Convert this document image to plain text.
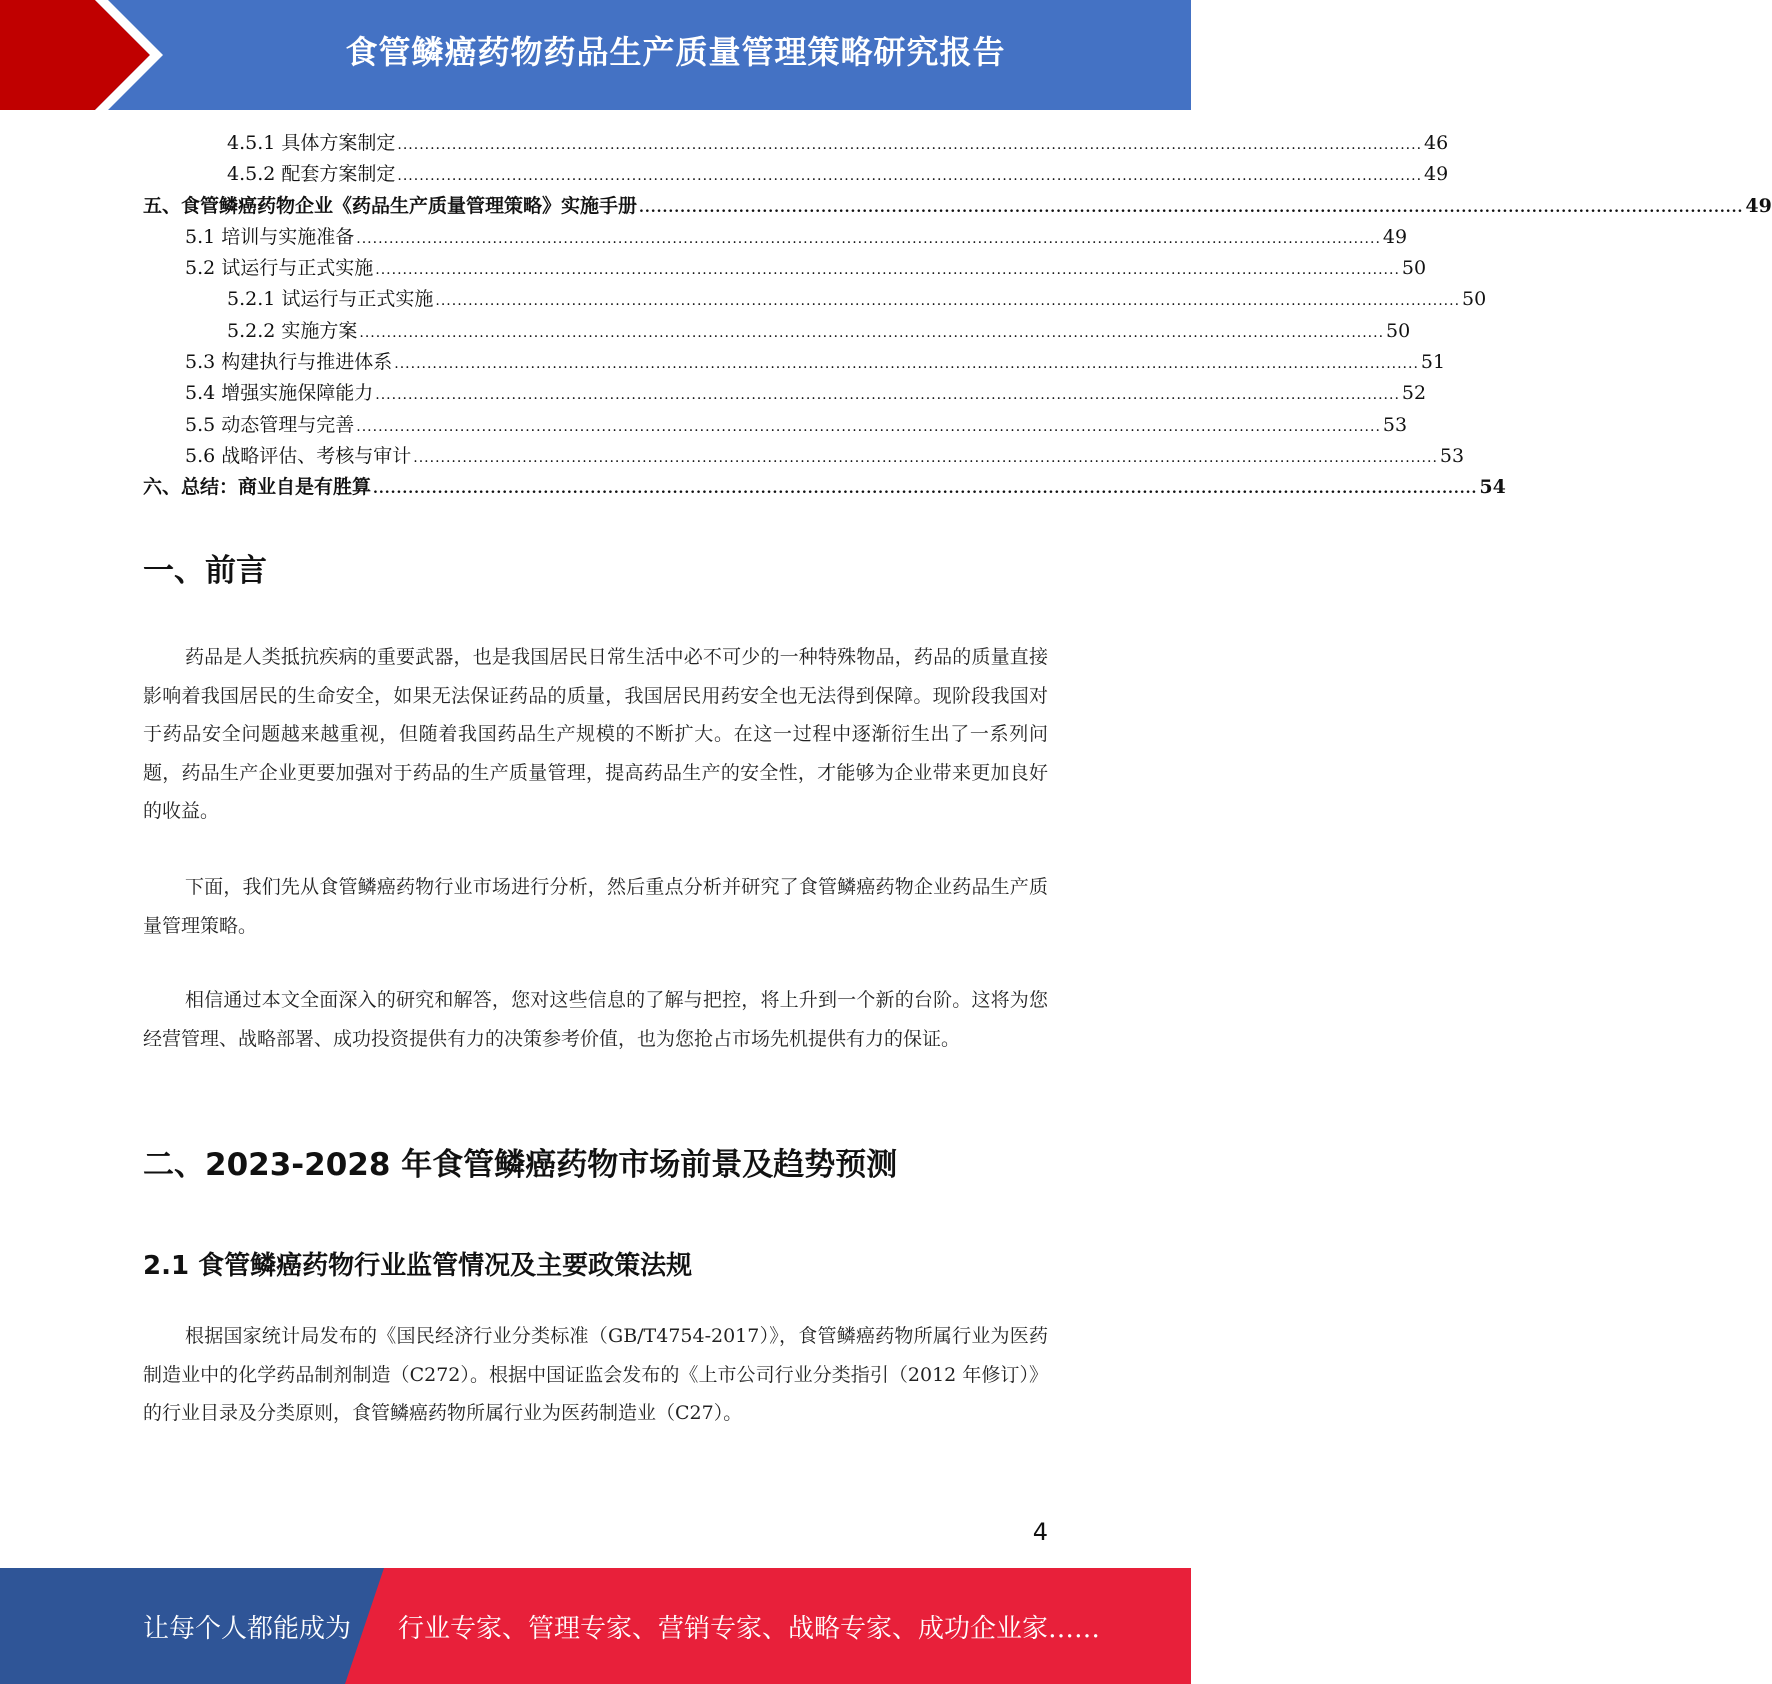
食管鳞癌药物药品生产质量管理策略研究报告
4.5.1 具体方案制定 ............................................................................................................................................................................................ 46
4.5.2 配套方案制定 ............................................................................................................................................................................................ 49
五、食管鳞癌药物企业《药品生产质量管理策略》实施手册 ............................................................................................................................................................................................ 49
5.1 培训与实施准备 ............................................................................................................................................................................................ 49
5.2 试运行与正式实施 ............................................................................................................................................................................................ 50
5.2.1 试运行与正式实施 ............................................................................................................................................................................................ 50
5.2.2 实施方案 ............................................................................................................................................................................................ 50
5.3 构建执行与推进体系 ............................................................................................................................................................................................ 51
5.4 增强实施保障能力 ............................................................................................................................................................................................ 52
5.5 动态管理与完善 ............................................................................................................................................................................................ 53
5.6 战略评估、考核与审计 ............................................................................................................................................................................................ 53
六、总结：商业自是有胜算 ............................................................................................................................................................................................ 54
一、前言
药品是人类抵抗疾病的重要武器，也是我国居民日常生活中必不可少的一种特殊物品，药品的质量直接影响着我国居民的生命安全，如果无法保证药品的质量，我国居民用药安全也无法得到保障。现阶段我国对于药品安全问题越来越重视，但随着我国药品生产规模的不断扩大。在这一过程中逐渐衍生出了一系列问题，药品生产企业更要加强对于药品的生产质量管理，提高药品生产的安全性，才能够为企业带来更加良好的收益。
下面，我们先从食管鳞癌药物行业市场进行分析，然后重点分析并研究了食管鳞癌药物企业药品生产质量管理策略。
相信通过本文全面深入的研究和解答，您对这些信息的了解与把控，将上升到一个新的台阶。这将为您经营管理、战略部署、成功投资提供有力的决策参考价值，也为您抢占市场先机提供有力的保证。
二、2023-2028 年食管鳞癌药物市场前景及趋势预测
2.1 食管鳞癌药物行业监管情况及主要政策法规
根据国家统计局发布的《国民经济行业分类标准（GB/T4754-2017）》，食管鳞癌药物所属行业为医药制造业中的化学药品制剂制造（C272）。根据中国证监会发布的《上市公司行业分类指引（2012 年修订）》的行业目录及分类原则，食管鳞癌药物所属行业为医药制造业（C27）。
4
让每个人都能成为 行业专家、管理专家、营销专家、战略专家、成功企业家……
